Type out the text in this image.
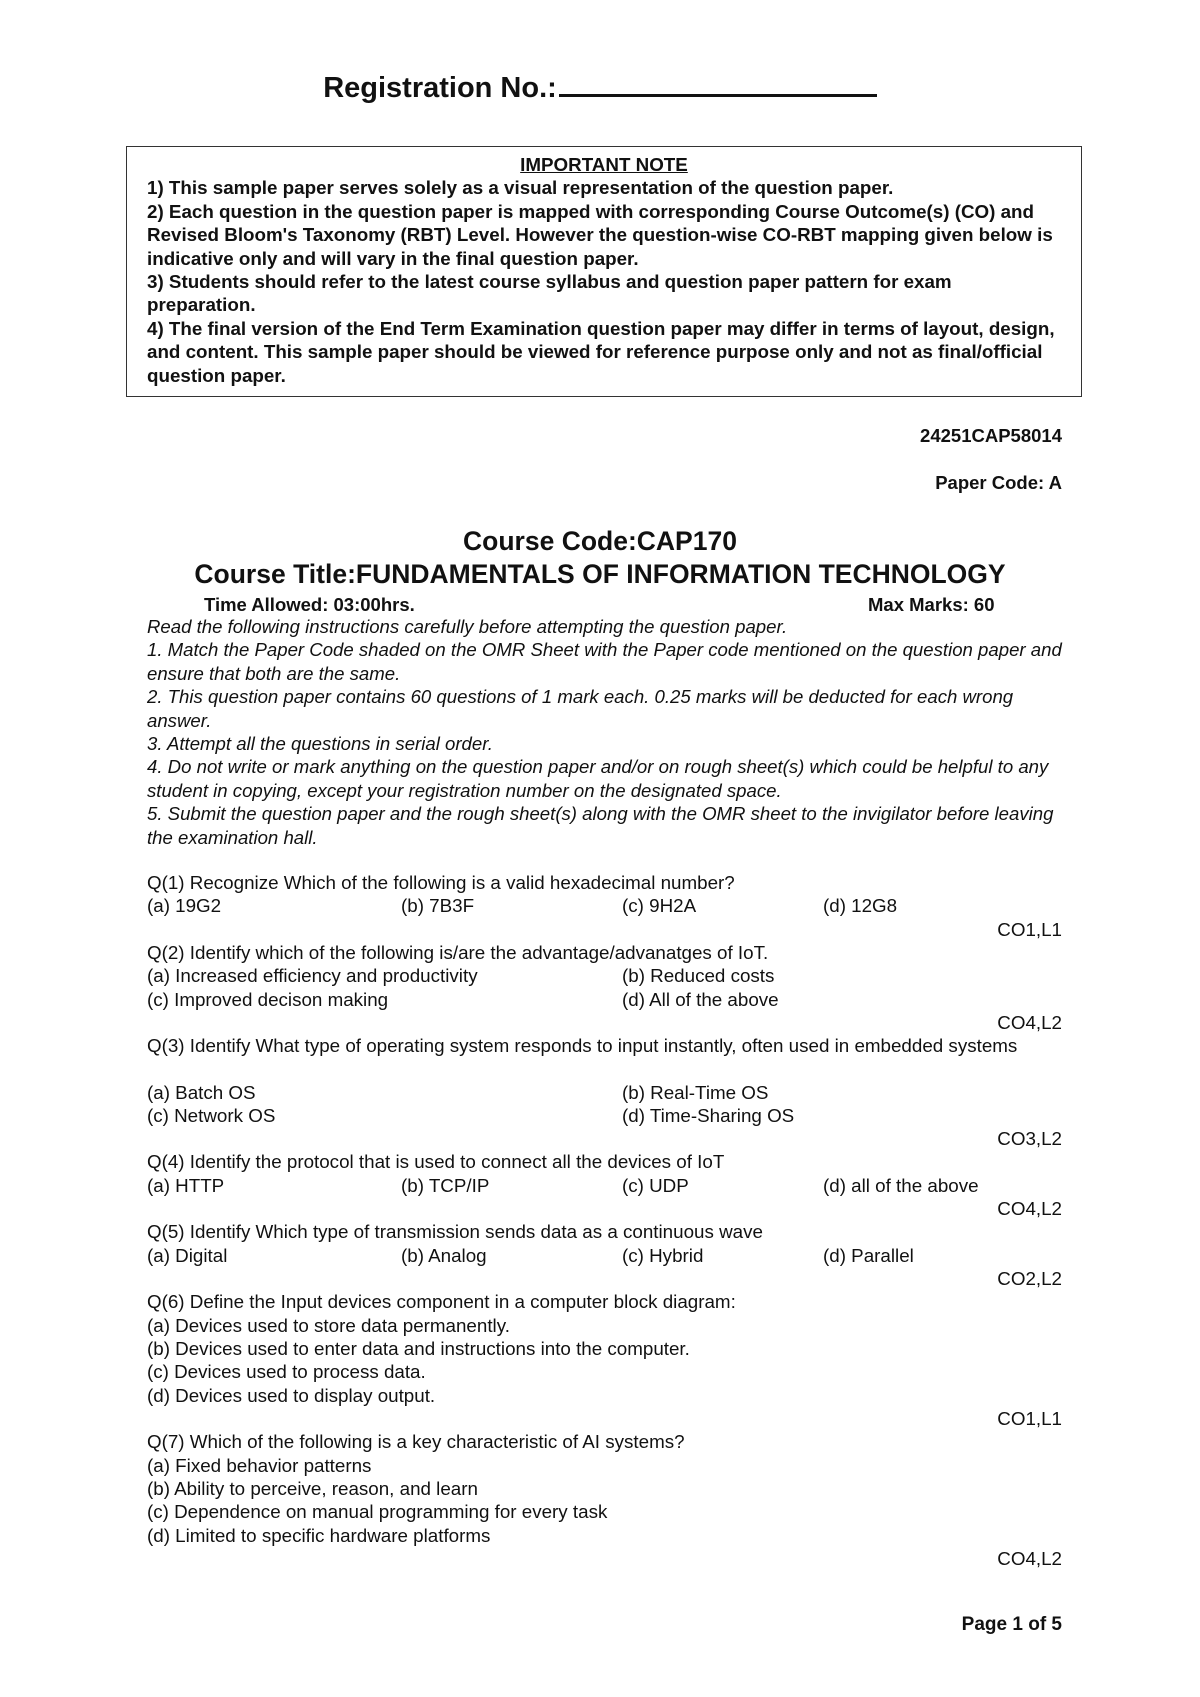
Registration No.:
IMPORTANT NOTE
1) This sample paper serves solely as a visual representation of the question paper.
2) Each question in the question paper is mapped with corresponding Course Outcome(s) (CO) and Revised Bloom's Taxonomy (RBT) Level. However the question-wise CO-RBT mapping given below is indicative only and will vary in the final question paper.
3) Students should refer to the latest course syllabus and question paper pattern for exam preparation.
4) The final version of the End Term Examination question paper may differ in terms of layout, design, and content. This sample paper should be viewed for reference purpose only and not as final/official question paper.
24251CAP58014
Paper Code: A
Course Code:CAP170
Course Title:FUNDAMENTALS OF INFORMATION TECHNOLOGY
Time Allowed: 03:00hrs.	Max Marks: 60
Read the following instructions carefully before attempting the question paper.
1. Match the Paper Code shaded on the OMR Sheet with the Paper code mentioned on the question paper and ensure that both are the same.
2. This question paper contains 60 questions of 1 mark each. 0.25 marks will be deducted for each wrong answer.
3. Attempt all the questions in serial order.
4. Do not write or mark anything on the question paper and/or on rough sheet(s) which could be helpful to any student in copying, except your registration number on the designated space.
5. Submit the question paper and the rough sheet(s) along with the OMR sheet to the invigilator before leaving the examination hall.
Q(1) Recognize Which of the following is a valid hexadecimal number?
(a) 19G2	(b) 7B3F	(c) 9H2A	(d) 12G8
CO1,L1
Q(2) Identify which of the following is/are the advantage/advanatges of IoT.
(a) Increased efficiency and productivity	(b) Reduced costs
(c) Improved decison making	(d) All of the above
CO4,L2
Q(3) Identify What type of operating system responds to input instantly, often used in embedded systems
(a) Batch OS	(b) Real-Time OS
(c) Network OS	(d) Time-Sharing OS
CO3,L2
Q(4) Identify the protocol that is used to connect all the devices of IoT
(a) HTTP	(b) TCP/IP	(c) UDP	(d) all of the above
CO4,L2
Q(5) Identify Which type of transmission sends data as a continuous wave
(a) Digital	(b) Analog	(c) Hybrid	(d) Parallel
CO2,L2
Q(6) Define the Input devices component in a computer block diagram:
(a) Devices used to store data permanently.
(b) Devices used to enter data and instructions into the computer.
(c) Devices used to process data.
(d) Devices used to display output.
CO1,L1
Q(7) Which of the following is a key characteristic of AI systems?
(a) Fixed behavior patterns
(b) Ability to perceive, reason, and learn
(c) Dependence on manual programming for every task
(d) Limited to specific hardware platforms
CO4,L2
Page 1 of 5
